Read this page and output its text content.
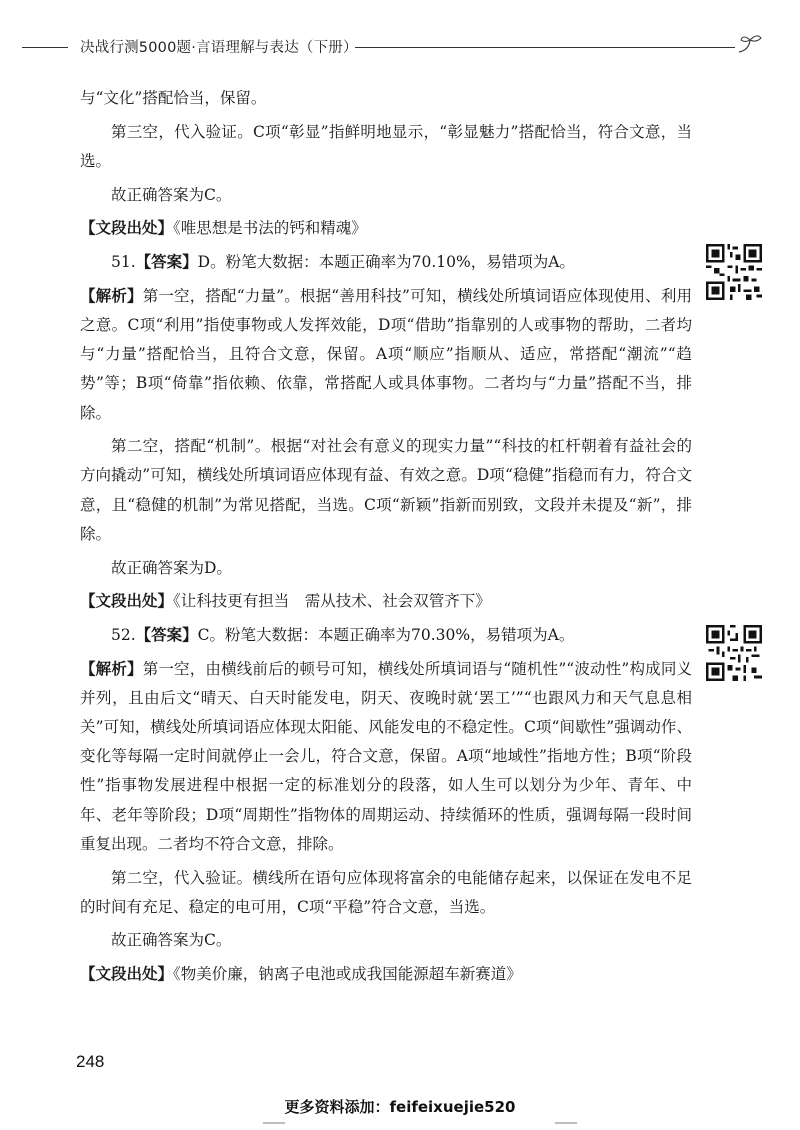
决战行测5000题·言语理解与表达（下册）

与“文化”搭配恰当，保留。

第三空，代入验证。C项“彰显”指鲜明地显示，“彰显魅力”搭配恰当，符合文意，当选。

故正确答案为C。

【文段出处】《唯思想是书法的钙和精魂》

51.【答案】D。粉笔大数据：本题正确率为70.10%，易错项为A。

【解析】第一空，搭配“力量”。根据“善用科技”可知，横线处所填词语应体现使用、利用之意。C项“利用”指使事物或人发挥效能，D项“借助”指靠别的人或事物的帮助，二者均与“力量”搭配恰当，且符合文意，保留。A项“顺应”指顺从、适应，常搭配“潮流”“趋势”等；B项“倚靠”指依赖、依靠，常搭配人或具体事物。二者均与“力量”搭配不当，排除。

第二空，搭配“机制”。根据“对社会有意义的现实力量”“科技的杠杆朝着有益社会的方向撬动”可知，横线处所填词语应体现有益、有效之意。D项“稳健”指稳而有力，符合文意，且“稳健的机制”为常见搭配，当选。C项“新颖”指新而别致，文段并未提及“新”，排除。

故正确答案为D。

【文段出处】《让科技更有担当　需从技术、社会双管齐下》

52.【答案】C。粉笔大数据：本题正确率为70.30%，易错项为A。

【解析】第一空，由横线前后的顿号可知，横线处所填词语与“随机性”“波动性”构成同义并列，且由后文“晴天、白天时能发电，阴天、夜晚时就‘罢工’”“也跟风力和天气息息相关”可知，横线处所填词语应体现太阳能、风能发电的不稳定性。C项“间歇性”强调动作、变化等每隔一定时间就停止一会儿，符合文意，保留。A项“地域性”指地方性；B项“阶段性”指事物发展进程中根据一定的标准划分的段落，如人生可以划分为少年、青年、中年、老年等阶段；D项“周期性”指物体的周期运动、持续循环的性质，强调每隔一段时间重复出现。二者均不符合文意，排除。

第二空，代入验证。横线所在语句应体现将富余的电能储存起来，以保证在发电不足的时间有充足、稳定的电可用，C项“平稳”符合文意，当选。

故正确答案为C。

【文段出处】《物美价廉，钠离子电池或成我国能源超车新赛道》

248
更多资料添加：feifeixuejie520
